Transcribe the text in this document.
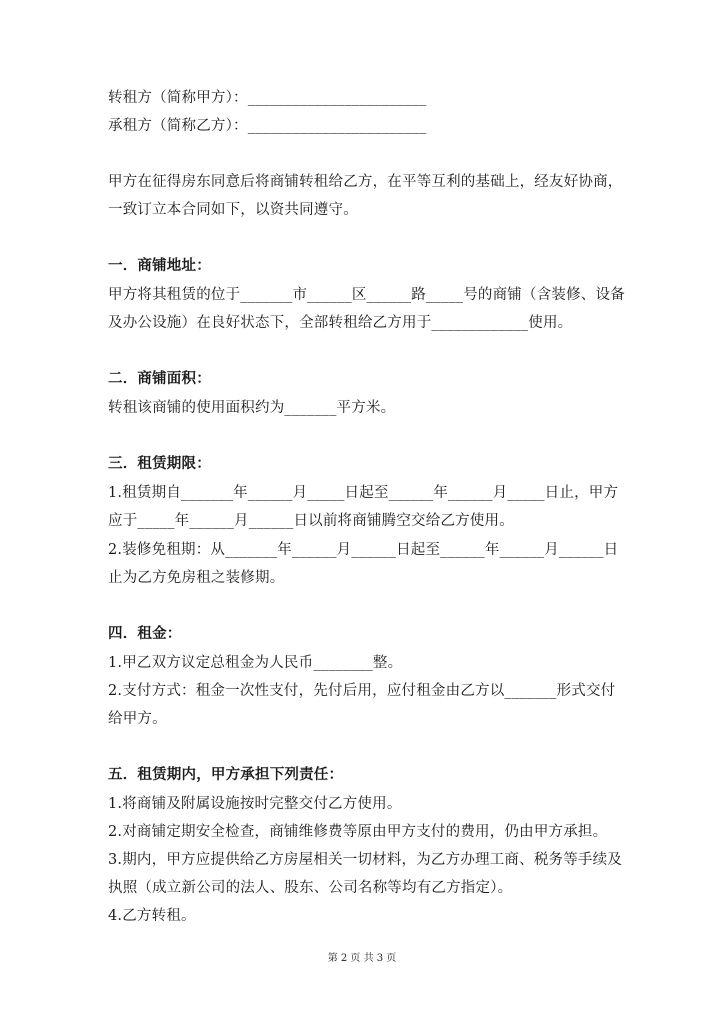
转租方（简称甲方）：________________________
承租方（简称乙方）：________________________
甲方在征得房东同意后将商铺转租给乙方，在平等互利的基础上，经友好协商，
一致订立本合同如下，以资共同遵守。
一．商铺地址：
甲方将其租赁的位于_______市______区______路_____号的商铺（含装修、设备
及办公设施）在良好状态下，全部转租给乙方用于_____________使用。
二．商铺面积：
转租该商铺的使用面积约为_______平方米。
三．租赁期限：
1.租赁期自_______年______月_____日起至______年______月_____日止，甲方
应于_____年______月______日以前将商铺腾空交给乙方使用。
2.装修免租期：从_______年______月______日起至______年______月______日
止为乙方免房租之装修期。
四．租金：
1.甲乙双方议定总租金为人民币________整。
2.支付方式：租金一次性支付，先付后用，应付租金由乙方以_______形式交付
给甲方。
五．租赁期内，甲方承担下列责任：
1.将商铺及附属设施按时完整交付乙方使用。
2.对商铺定期安全检查，商铺维修费等原由甲方支付的费用，仍由甲方承担。
3.期内，甲方应提供给乙方房屋相关一切材料，为乙方办理工商、税务等手续及
执照（成立新公司的法人、股东、公司名称等均有乙方指定）。
4.乙方转租。
第 2 页 共 3 页
